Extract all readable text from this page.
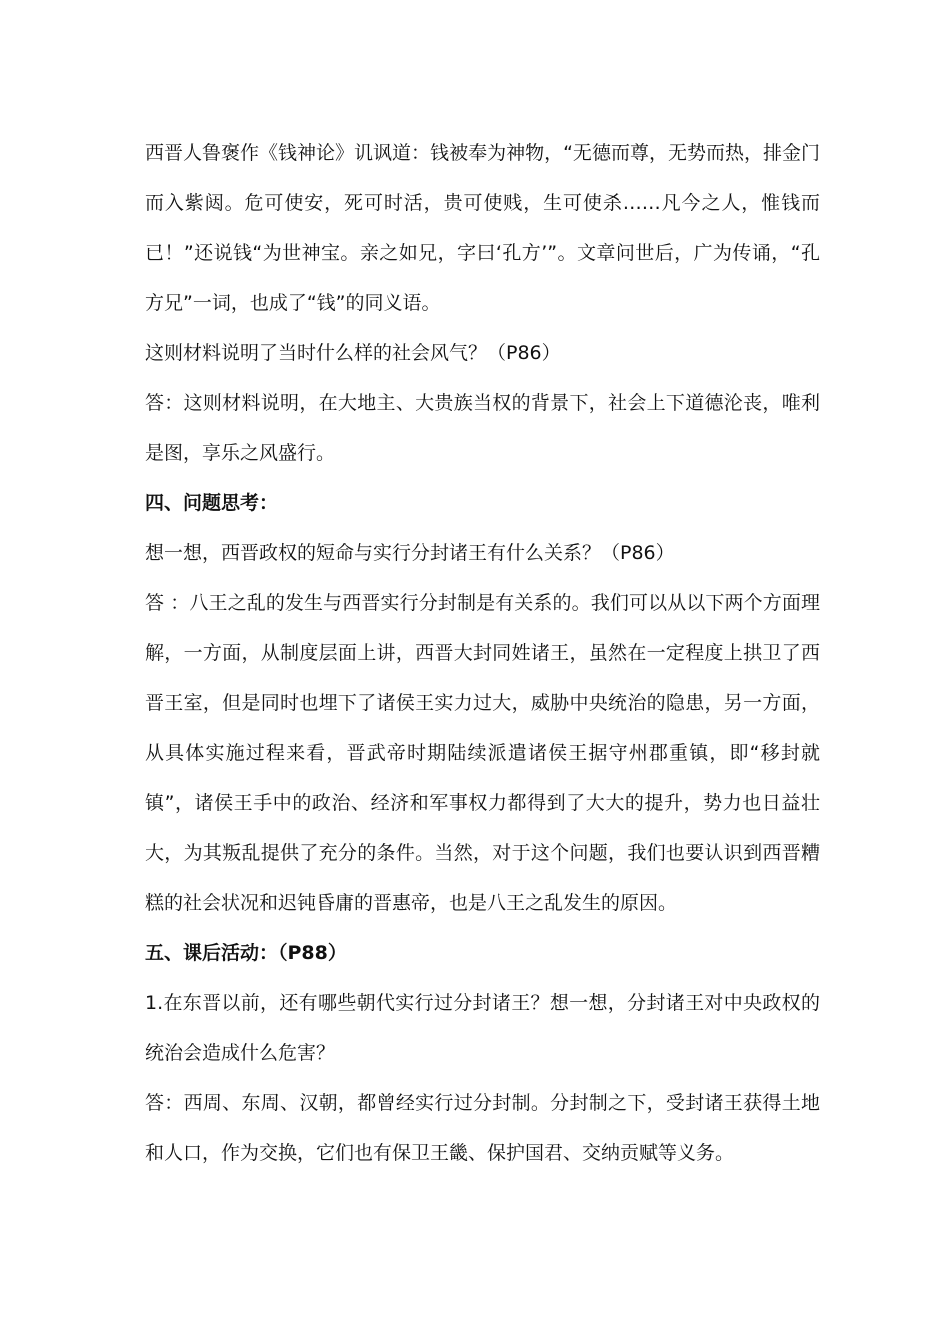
西晋人鲁褒作《钱神论》讥讽道：钱被奉为神物，“无德而尊，无势而热，排金门而入紫闼。危可使安，死可时活，贵可使贱，生可使杀……凡今之人，惟钱而已！”还说钱“为世神宝。亲之如兄，字曰‘孔方’”。文章问世后，广为传诵，“孔方兄”一词，也成了“钱”的同义语。

这则材料说明了当时什么样的社会风气？（P86）

答：这则材料说明，在大地主、大贵族当权的背景下，社会上下道德沦丧，唯利是图，享乐之风盛行。

四、问题思考：

想一想，西晋政权的短命与实行分封诸王有什么关系？（P86）

答 ：八王之乱的发生与西晋实行分封制是有关系的。我们可以从以下两个方面理解，一方面，从制度层面上讲，西晋大封同姓诸王，虽然在一定程度上拱卫了西晋王室，但是同时也埋下了诸侯王实力过大，威胁中央统治的隐患，另一方面，从具体实施过程来看，晋武帝时期陆续派遣诸侯王据守州郡重镇，即“移封就镇”，诸侯王手中的政治、经济和军事权力都得到了大大的提升，势力也日益壮大，为其叛乱提供了充分的条件。当然，对于这个问题，我们也要认识到西晋糟糕的社会状况和迟钝昏庸的晋惠帝，也是八王之乱发生的原因。

五、课后活动：（P88）

1.在东晋以前，还有哪些朝代实行过分封诸王？想一想，分封诸王对中央政权的统治会造成什么危害？

答：西周、东周、汉朝，都曾经实行过分封制。分封制之下，受封诸王获得土地和人口，作为交换，它们也有保卫王畿、保护国君、交纳贡赋等义务。
